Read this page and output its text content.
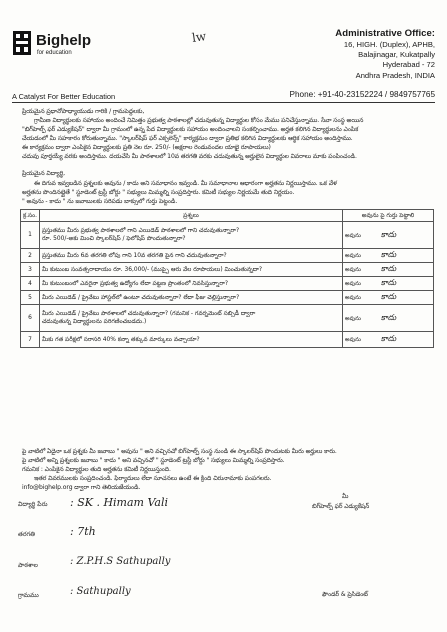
Bighelp
for education
lw	Administrative Office:
16, HIGH. (Duplex), APHB,
Balajinagar, Kukatpally
Hyderabad - 72
Andhra Pradesh, INDIA
A Catalyst For Better Education	Phone: +91-40-23152224 / 9849757765
ప్రియమైన ప్రధానోపాధ్యాయుడు గారికి / గ్రామపెద్దలకు,
గ్రామీణ విద్యార్థులకు సహాయం అందించే నిమిత్తం ప్రభుత్వ పాఠశాలల్లో చదువుతున్న విద్యార్థుల కోసం మేము పనిచేస్తున్నాము. సేవా సంస్థ అయిన
"బిగ్‌హెల్ప్ ఫర్ ఎడ్యుకేషన్" ద్వారా మీ గ్రామంలో ఉన్న పేద విద్యార్థులకు సహాయం అందించాలని సంకల్పించాము. అర్హత కలిగిన విద్యార్థులను ఎంపిక
చేయడంలో మీ సహకారం కోరుతున్నాము. "స్కాలర్‌షిప్ ఫర్ ఎక్సలెన్స్" కార్యక్రమం ద్వారా ప్రతిభ కలిగిన విద్యార్థులకు ఆర్థిక సహాయం అందిస్తాము.
ఈ కార్యక్రమం ద్వారా ఎంపికైన విద్యార్థులకు ప్రతి నెల రూ. 250/- (అక్షరాల రెండువందల యాభై రూపాయలు)
చదువు పూర్తయ్యే వరకు అందిస్తాము. దయచేసి మీ పాఠశాలలో 10వ తరగతి వరకు చదువుతున్న అర్హులైన విద్యార్థుల వివరాలు మాకు పంపించండి.
ప్రియమైన విద్యార్థి,
ఈ దిగువ ఇవ్వబడిన ప్రశ్నలకు అవును / కాదు అని సమాధానం ఇవ్వండి. మీ సమాధానాల ఆధారంగా అర్హతను నిర్ణయిస్తాము. ఒక వేళ
అర్హతను పొందినట్లైతే " స్టూడెంట్ ట్రస్టీ బోర్డు " సభ్యులు మిమ్మల్ని సంప్రదిస్తారు. కమిటీ సభ్యుల నిర్ణయమే తుది నిర్ణయం.
" అవును - కాదు " ను జవాబులకు సరిపడు బాక్సులో గుర్తు పెట్టండి.
క్ర.సం.	ప్రశ్నలు	అవును పై గుర్తు పెట్టాలి
1	ప్రస్తుతము మీరు ప్రభుత్వ పాఠశాలలో గాని ఎయిడెడ్ పాఠశాలలో గాని చదువుతున్నారా?
రూ. 500/-అకు మించి స్కాలర్‌షిప్ / ఫెలోషిప్ పొందుతున్నారా?	అవును కాదు
2	ప్రస్తుతము మీరు 6వ తరగతి లోపు గాని 10వ తరగతి పైన గాని చదువుతున్నారా?	అవును కాదు
3	మీ కుటుంబ సంవత్సరాదాయం రూ. 36,000/- (ముప్పై ఆరు వేల రూపాయలు) మించుతున్నదా?	అవును కాదు
4	మీ కుటుంబంలో ఎవరైనా ప్రభుత్వ ఉద్యోగం లేదా పట్టణ ప్రాంతంలో నివసిస్తున్నారా?	అవును కాదు
5	మీరు ఎయిడెడ్ / ప్రైవేటు హాస్టల్‌లో ఉంటూ చదువుతున్నారా? లేదా ఫీజు చెల్లిస్తున్నారా?	అవును కాదు
6	మీరు ఎయిడెడ్ / ప్రైవేటు పాఠశాలలో చదువుతున్నారా? (గమనిక - గవర్నమెంట్ సబ్సిడీ ద్వారా
చదువుతున్న విద్యార్థులను పరిగణించబడదు.)	అవును కాదు
7	మీకు గత పరీక్షలో సరాసరి 40% కన్నా తక్కువ మార్కులు వచ్చాయా?	అవును కాదు
పై వాటిలో ఏదైనా ఒక ప్రశ్నకు మీ జవాబు " అవును " అని వచ్చినచో బిగ్‌హెల్ప్ సంస్థ నుండి ఈ స్కాలర్‌షిప్ పొందుటకు మీరు అర్హులు కారు.
పై వాటిలో అన్ని ప్రశ్నలకు జవాబు " కాదు " అని వచ్చినచో " స్టూడెంట్ ట్రస్టీ బోర్డు " సభ్యులు మిమ్మల్ని సంప్రదిస్తారు.
గమనిక : ఎంపికైన విద్యార్థుల తుది అర్హతను కమిటీ నిర్ణయిస్తుంది.
ఇతర వివరములకు సంప్రదించండి. ఫిర్యాదులు లేదా సూచనలు ఉంటే ఈ క్రింది చిరునామాకు పంపగలరు.
info@bighelp.org ద్వారా గాని తెలియజేయండి.
విద్యార్థి పేరు : SK . Himam Vali
తరగతి	: 7th
పాఠశాల	: Z.P.H.S Sathupally
గ్రామము	: Sathupally
మీ
బిగ్‌హెల్ప్ ఫర్ ఎడ్యుకేషన్
ఫౌండర్ & ప్రెసిడెంట్
